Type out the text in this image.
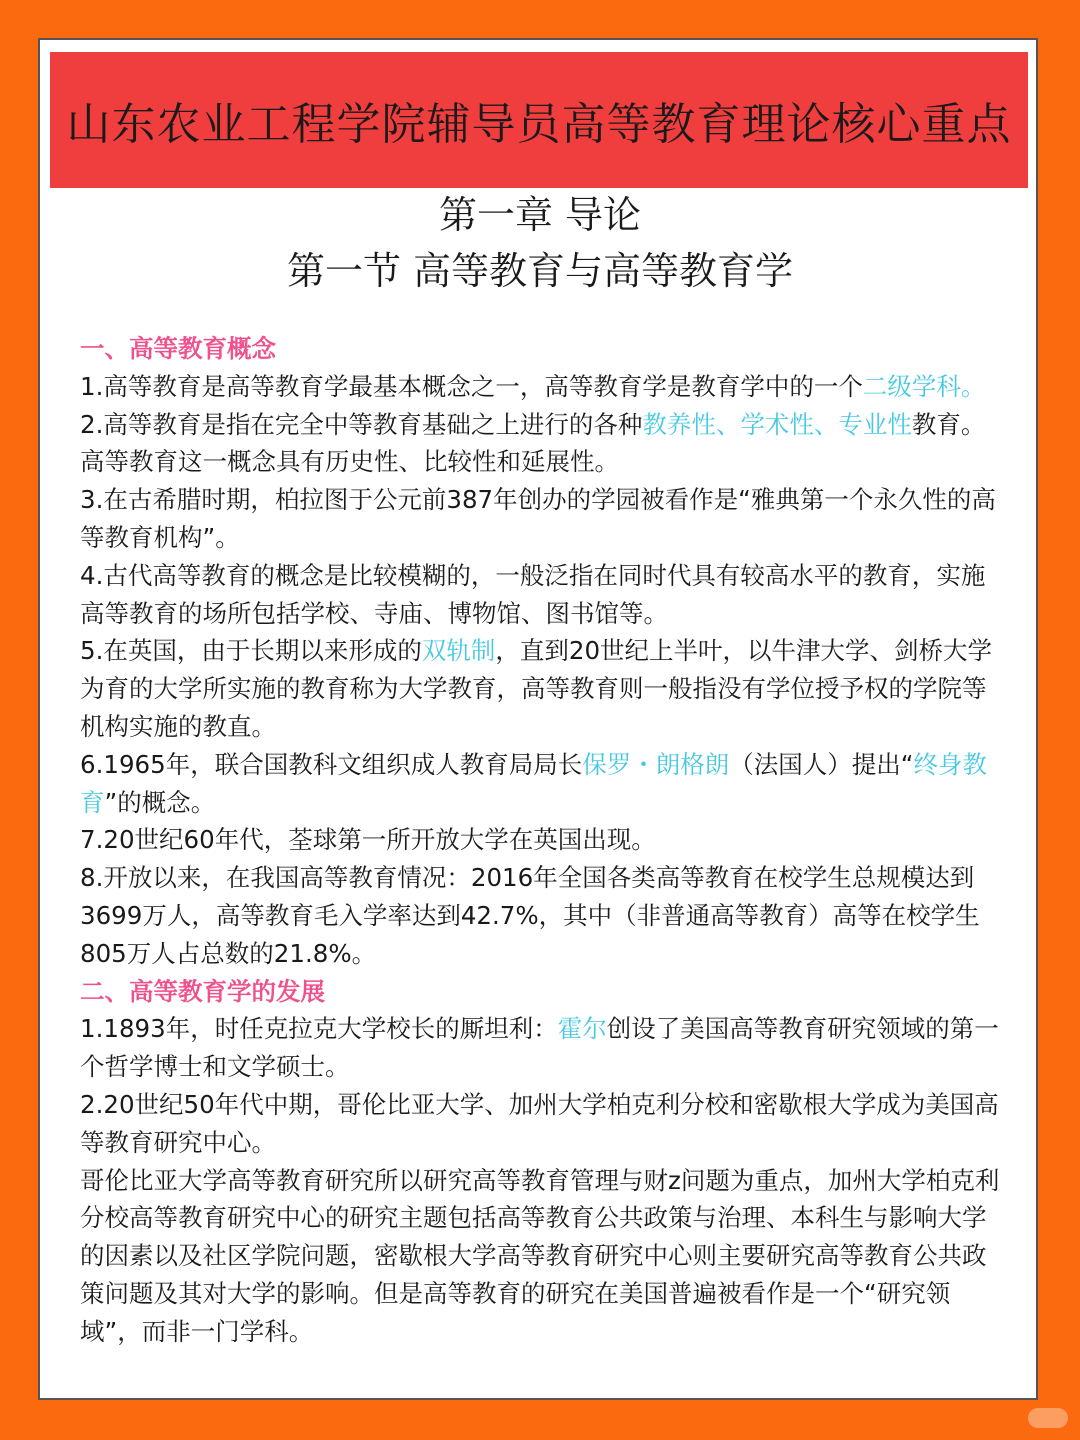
山东农业工程学院辅导员高等教育理论核心重点
第一章 导论
第一节 高等教育与高等教育学
一、高等教育概念

1.高等教育是高等教育学最基本概念之一，高等教育学是教育学中的一个二级学科。

2.高等教育是指在完全中等教育基础之上进行的各种教养性、学术性、专业性教育。高等教育这一概念具有历史性、比较性和延展性。

3.在古希腊时期，柏拉图于公元前387年创办的学园被看作是“雅典第一个永久性的高等教育机构”。

4.古代高等教育的概念是比较模糊的，一般泛指在同时代具有较高水平的教育，实施高等教育的场所包括学校、寺庙、博物馆、图书馆等。

5.在英国，由于长期以来形成的双轨制，直到20世纪上半叶，以牛津大学、剑桥大学为育的大学所实施的教育称为大学教育，高等教育则一般指没有学位授予权的学院等机构实施的教直。

6.1965年，联合国教科文组织成人教育局局长保罗・朗格朗（法国人）提出“终身教育”的概念。

7.20世纪60年代，荃球第一所开放大学在英国出现。

8.开放以来，在我国高等教育情况：2016年全国各类高等教育在校学生总规模达到3699万人，高等教育毛入学率达到42.7%，其中（非普通高等教育）高等在校学生805万人占总数的21.8%。

二、高等教育学的发展

1.1893年，时任克拉克大学校长的厮坦利：霍尔创设了美国高等教育研究领域的第一个哲学博士和文学硕士。

2.20世纪50年代中期，哥伦比亚大学、加州大学柏克利分校和密歇根大学成为美国高等教育研究中心。

哥伦比亚大学高等教育研究所以研究高等教育管理与财z问题为重点，加州大学柏克利分校高等教育研究中心的研究主题包括高等教育公共政策与治理、本科生与影响大学的因素以及社区学院问题，密歇根大学高等教育研究中心则主要研究高等教育公共政策问题及其对大学的影响。但是高等教育的研究在美国普遍被看作是一个“研究领域”，而非一门学科。
